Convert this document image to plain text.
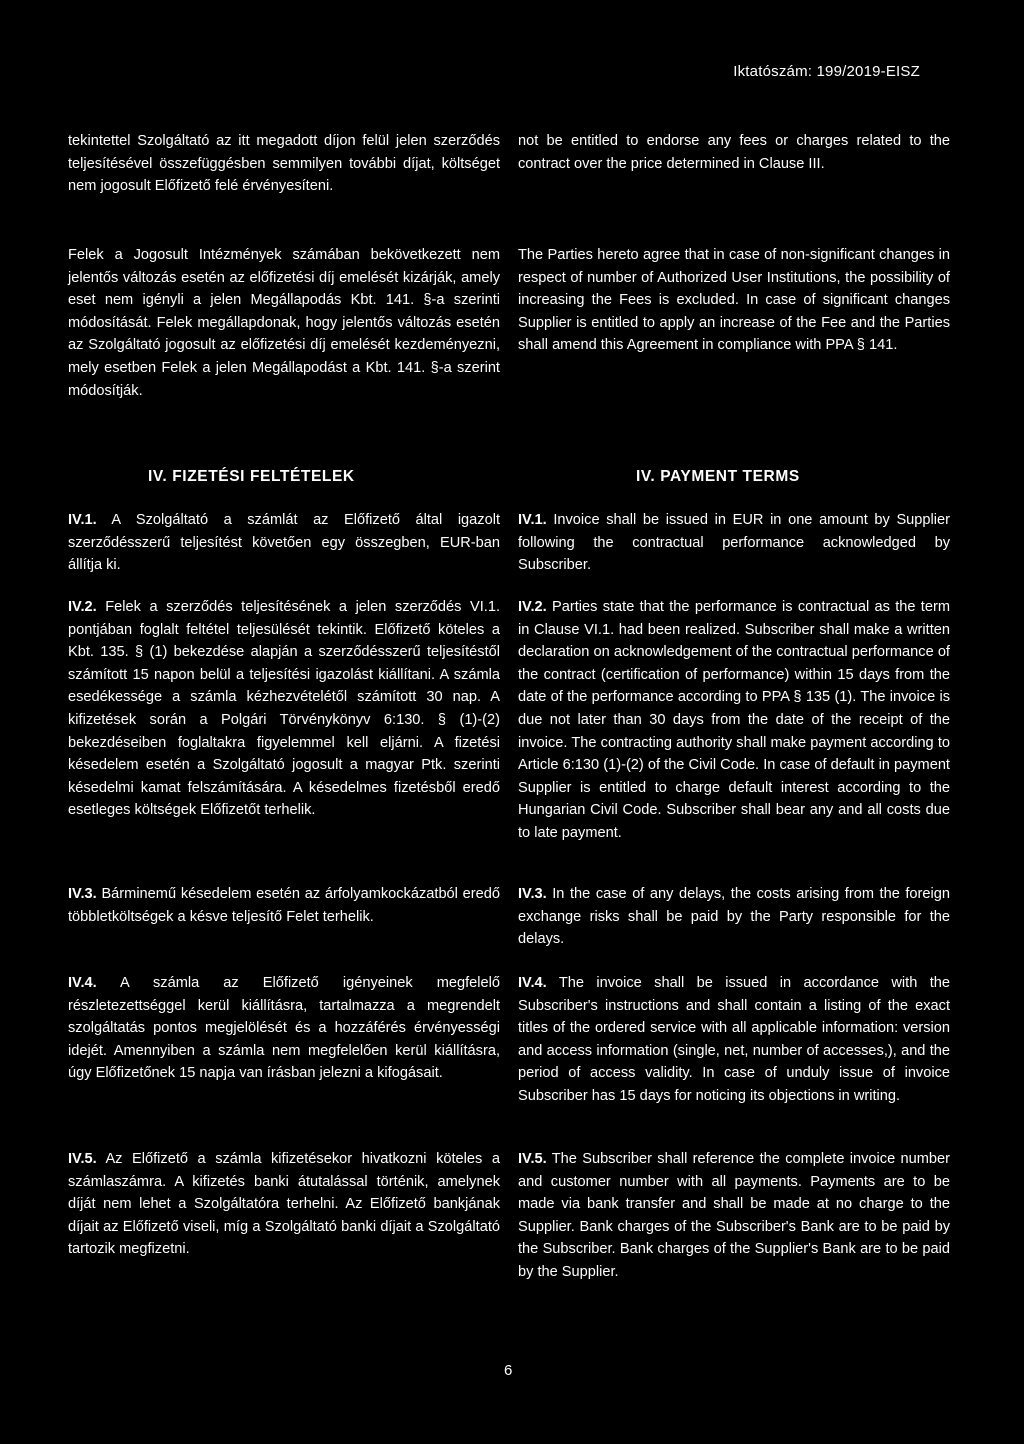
Iktatószám: 199/2019-EISZ
tekintettel Szolgáltató az itt megadott díjon felül jelen szerződés teljesítésével összefüggésben semmilyen további díjat, költséget nem jogosult Előfizető felé érvényesíteni.
Felek a Jogosult Intézmények számában bekövetkezett nem jelentős változás esetén az előfizetési díj emelését kizárják, amely eset nem igényli a jelen Megállapodás Kbt. 141. §-a szerinti módosítását. Felek megállapdonak, hogy jelentős változás esetén az Szolgáltató jogosult az előfizetési díj emelését kezdeményezni, mely esetben Felek a jelen Megállapodást a Kbt. 141. §-a szerint módosítják.
IV. FIZETÉSI FELTÉTELEK
IV.1. A Szolgáltató a számlát az Előfizető által igazolt szerződésszerű teljesítést követően egy összegben, EUR-ban állítja ki.
IV.2. Felek a szerződés teljesítésének a jelen szerződés VI.1. pontjában foglalt feltétel teljesülését tekintik. Előfizető köteles a Kbt. 135. § (1) bekezdése alapján a szerződésszerű teljesítéstől számított 15 napon belül a teljesítési igazolást kiállítani. A számla esedékessége a számla kézhezvételétől számított 30 nap. A kifizetések során a Polgári Törvénykönyv 6:130. § (1)-(2) bekezdéseiben foglaltakra figyelemmel kell eljárni. A fizetési késedelem esetén a Szolgáltató jogosult a magyar Ptk. szerinti késedelmi kamat felszámítására. A késedelmes fizetésből eredő esetleges költségek Előfizetőt terhelik.
IV.3. Bárminemű késedelem esetén az árfolyamkockázatból eredő többletköltségek a késve teljesítő Felet terhelik.
IV.4. A számla az Előfizető igényeinek megfelelő részletezettséggel kerül kiállításra, tartalmazza a megrendelt szolgáltatás pontos megjelölését és a hozzáférés érvényességi idejét. Amennyiben a számla nem megfelelően kerül kiállításra, úgy Előfizetőnek 15 napja van írásban jelezni a kifogásait.
IV.5. Az Előfizető a számla kifizetésekor hivatkozni köteles a számlaszámra. A kifizetés banki átutalással történik, amelynek díját nem lehet a Szolgáltatóra terhelni. Az Előfizető bankjának díjait az Előfizető viseli, míg a Szolgáltató banki díjait a Szolgáltató tartozik megfizetni.
not be entitled to endorse any fees or charges related to the contract over the price determined in Clause III.
The Parties hereto agree that in case of non-significant changes in respect of number of Authorized User Institutions, the possibility of increasing the Fees is excluded. In case of significant changes Supplier is entitled to apply an increase of the Fee and the Parties shall amend this Agreement in compliance with PPA § 141.
IV. PAYMENT TERMS
IV.1. Invoice shall be issued in EUR in one amount by Supplier following the contractual performance acknowledged by Subscriber.
IV.2. Parties state that the performance is contractual as the term in Clause VI.1. had been realized. Subscriber shall make a written declaration on acknowledgement of the contractual performance of the contract (certification of performance) within 15 days from the date of the performance according to PPA § 135 (1). The invoice is due not later than 30 days from the date of the receipt of the invoice. The contracting authority shall make payment according to Article 6:130 (1)-(2) of the Civil Code. In case of default in payment Supplier is entitled to charge default interest according to the Hungarian Civil Code. Subscriber shall bear any and all costs due to late payment.
IV.3. In the case of any delays, the costs arising from the foreign exchange risks shall be paid by the Party responsible for the delays.
IV.4. The invoice shall be issued in accordance with the Subscriber's instructions and shall contain a listing of the exact titles of the ordered service with all applicable information: version and access information (single, net, number of accesses,), and the period of access validity. In case of unduly issue of invoice Subscriber has 15 days for noticing its objections in writing.
IV.5. The Subscriber shall reference the complete invoice number and customer number with all payments. Payments are to be made via bank transfer and shall be made at no charge to the Supplier. Bank charges of the Subscriber's Bank are to be paid by the Subscriber. Bank charges of the Supplier's Bank are to be paid by the Supplier.
6
